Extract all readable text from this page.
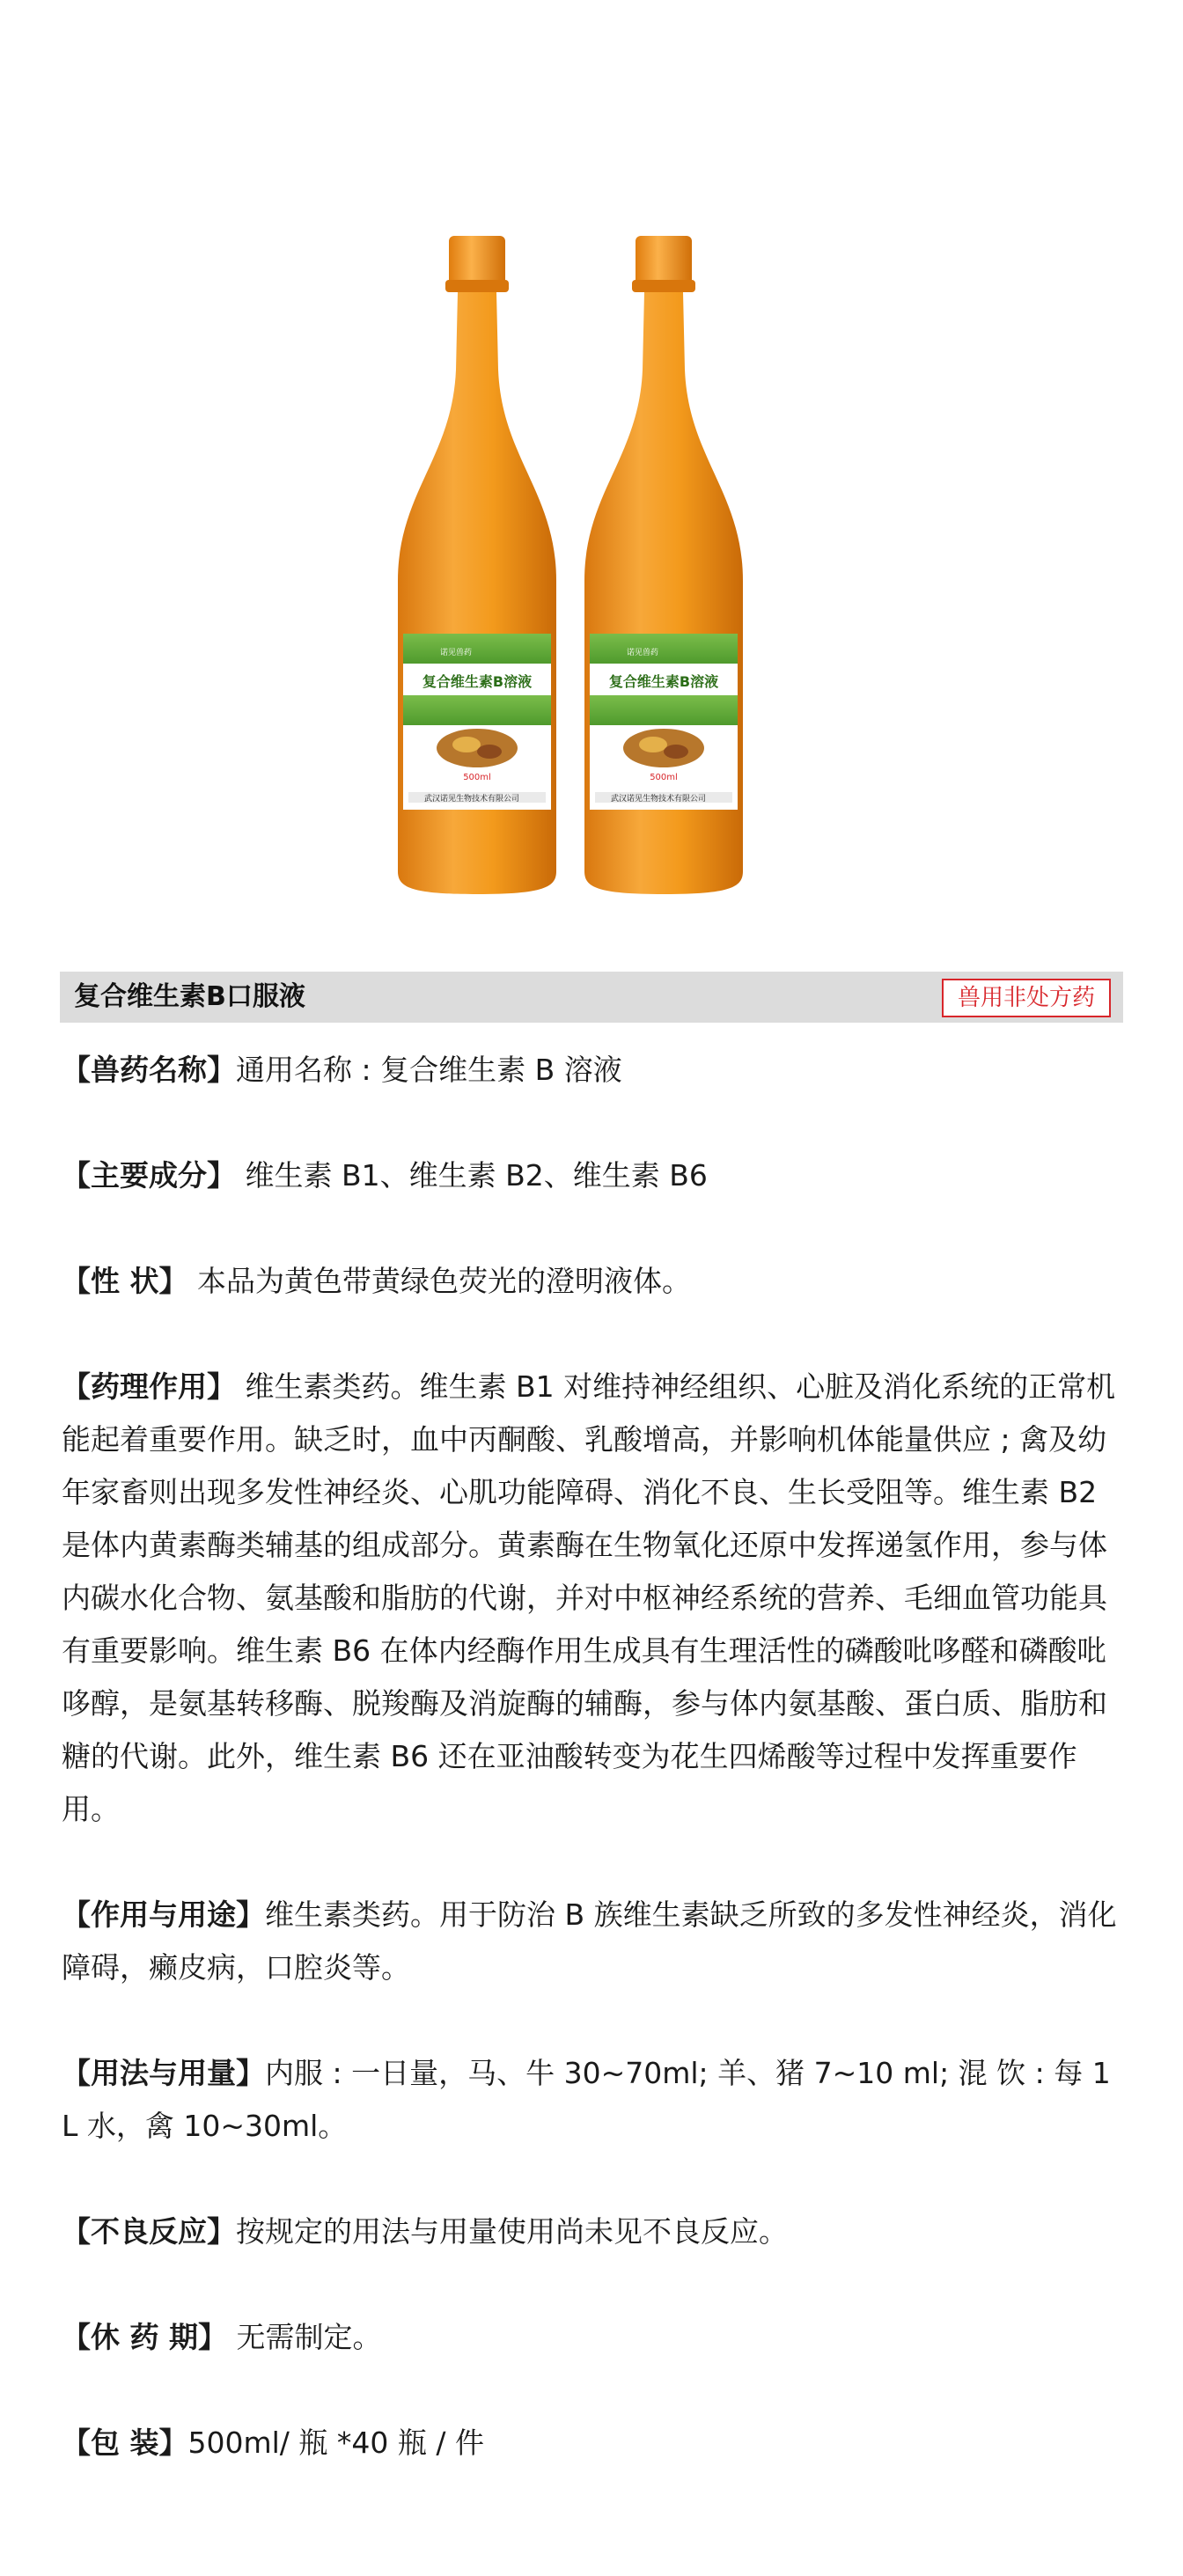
复合维生素B溶液
500ml
武汉诺见生物技术有限公司
诺见兽药
复合维生素B溶液
500ml
武汉诺见生物技术有限公司
诺见兽药
复合维生素B口服液	兽用非处方药

【兽药名称】通用名称 : 复合维生素 B 溶液

【主要成分】 维生素 B1、维生素 B2、维生素 B6

【性 状】 本品为黄色带黄绿色荧光的澄明液体。

【药理作用】 维生素类药。维生素 B1 对维持神经组织、心脏及消化系统的正常机能起着重要作用。缺乏时，血中丙酮酸、乳酸增高，并影响机体能量供应 ; 禽及幼年家畜则出现多发性神经炎、心肌功能障碍、消化不良、生长受阻等。维生素 B2 是体内黄素酶类辅基的组成部分。黄素酶在生物氧化还原中发挥递氢作用，参与体内碳水化合物、氨基酸和脂肪的代谢，并对中枢神经系统的营养、毛细血管功能具有重要影响。维生素 B6 在体内经酶作用生成具有生理活性的磷酸吡哆醛和磷酸吡哆醇，是氨基转移酶、脱羧酶及消旋酶的辅酶，参与体内氨基酸、蛋白质、脂肪和糖的代谢。此外，维生素 B6 还在亚油酸转变为花生四烯酸等过程中发挥重要作用。

【作用与用途】维生素类药。用于防治 B 族维生素缺乏所致的多发性神经炎，消化障碍，癞皮病，口腔炎等。

【用法与用量】内服 : 一日量，马、牛 30~70ml; 羊、猪 7~10 ml; 混 饮 : 每 1L 水，禽 10~30ml。

【不良反应】按规定的用法与用量使用尚未见不良反应。

【休 药 期】 无需制定。

【包 装】500ml/ 瓶 *40 瓶 / 件
